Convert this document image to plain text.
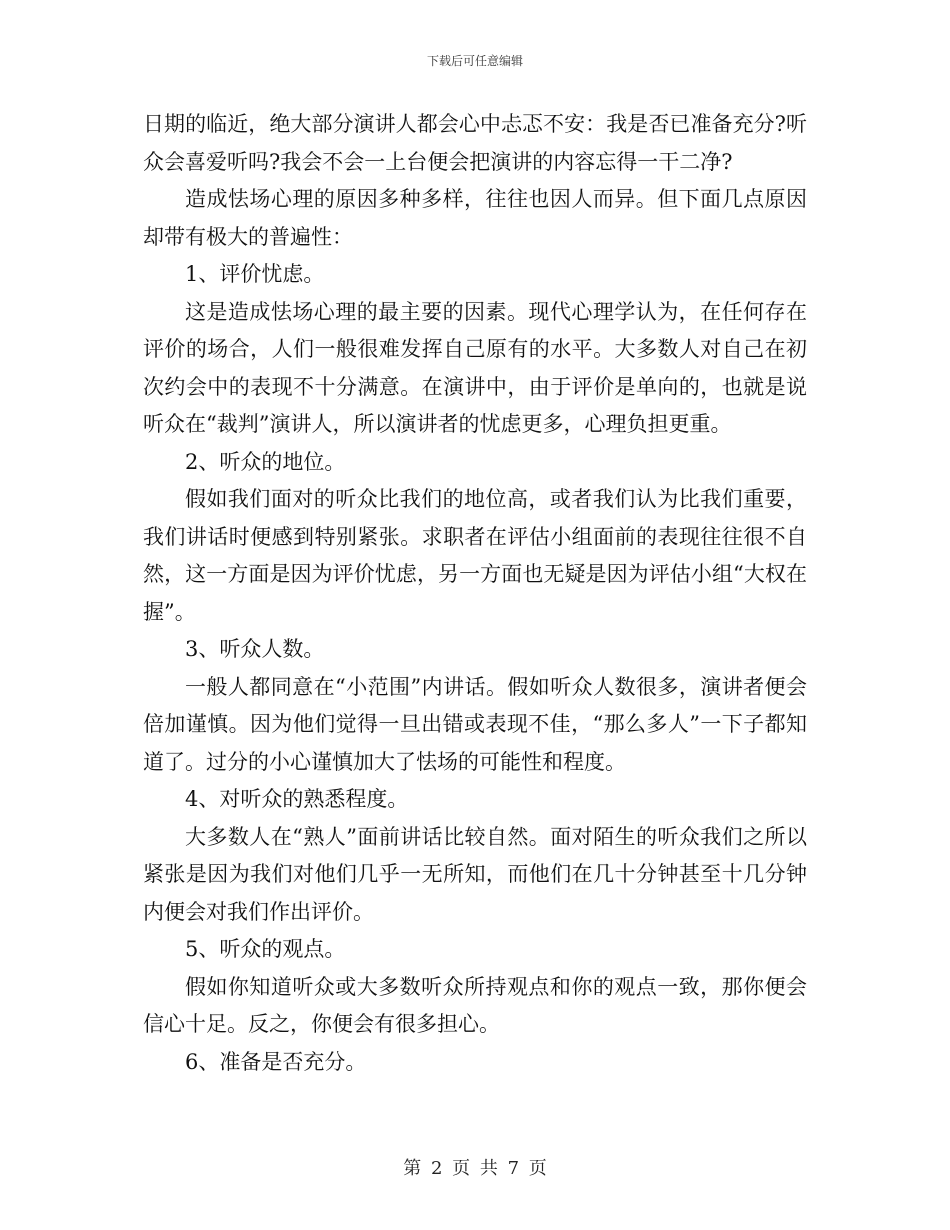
下载后可任意编辑

日期的临近，绝大部分演讲人都会心中忐忑不安：我是否已准备充分?听众会喜爱听吗?我会不会一上台便会把演讲的内容忘得一干二净?

造成怯场心理的原因多种多样，往往也因人而异。但下面几点原因却带有极大的普遍性：

1、评价忧虑。

这是造成怯场心理的最主要的因素。现代心理学认为，在任何存在评价的场合，人们一般很难发挥自己原有的水平。大多数人对自己在初次约会中的表现不十分满意。在演讲中，由于评价是单向的，也就是说听众在“裁判”演讲人，所以演讲者的忧虑更多，心理负担更重。

2、听众的地位。

假如我们面对的听众比我们的地位高，或者我们认为比我们重要，我们讲话时便感到特别紧张。求职者在评估小组面前的表现往往很不自然，这一方面是因为评价忧虑，另一方面也无疑是因为评估小组“大权在握”。

3、听众人数。

一般人都同意在“小范围”内讲话。假如听众人数很多，演讲者便会倍加谨慎。因为他们觉得一旦出错或表现不佳，“那么多人”一下子都知道了。过分的小心谨慎加大了怯场的可能性和程度。

4、对听众的熟悉程度。

大多数人在“熟人”面前讲话比较自然。面对陌生的听众我们之所以紧张是因为我们对他们几乎一无所知，而他们在几十分钟甚至十几分钟内便会对我们作出评价。

5、听众的观点。

假如你知道听众或大多数听众所持观点和你的观点一致，那你便会信心十足。反之，你便会有很多担心。

6、准备是否充分。

第 2 页 共 7 页
